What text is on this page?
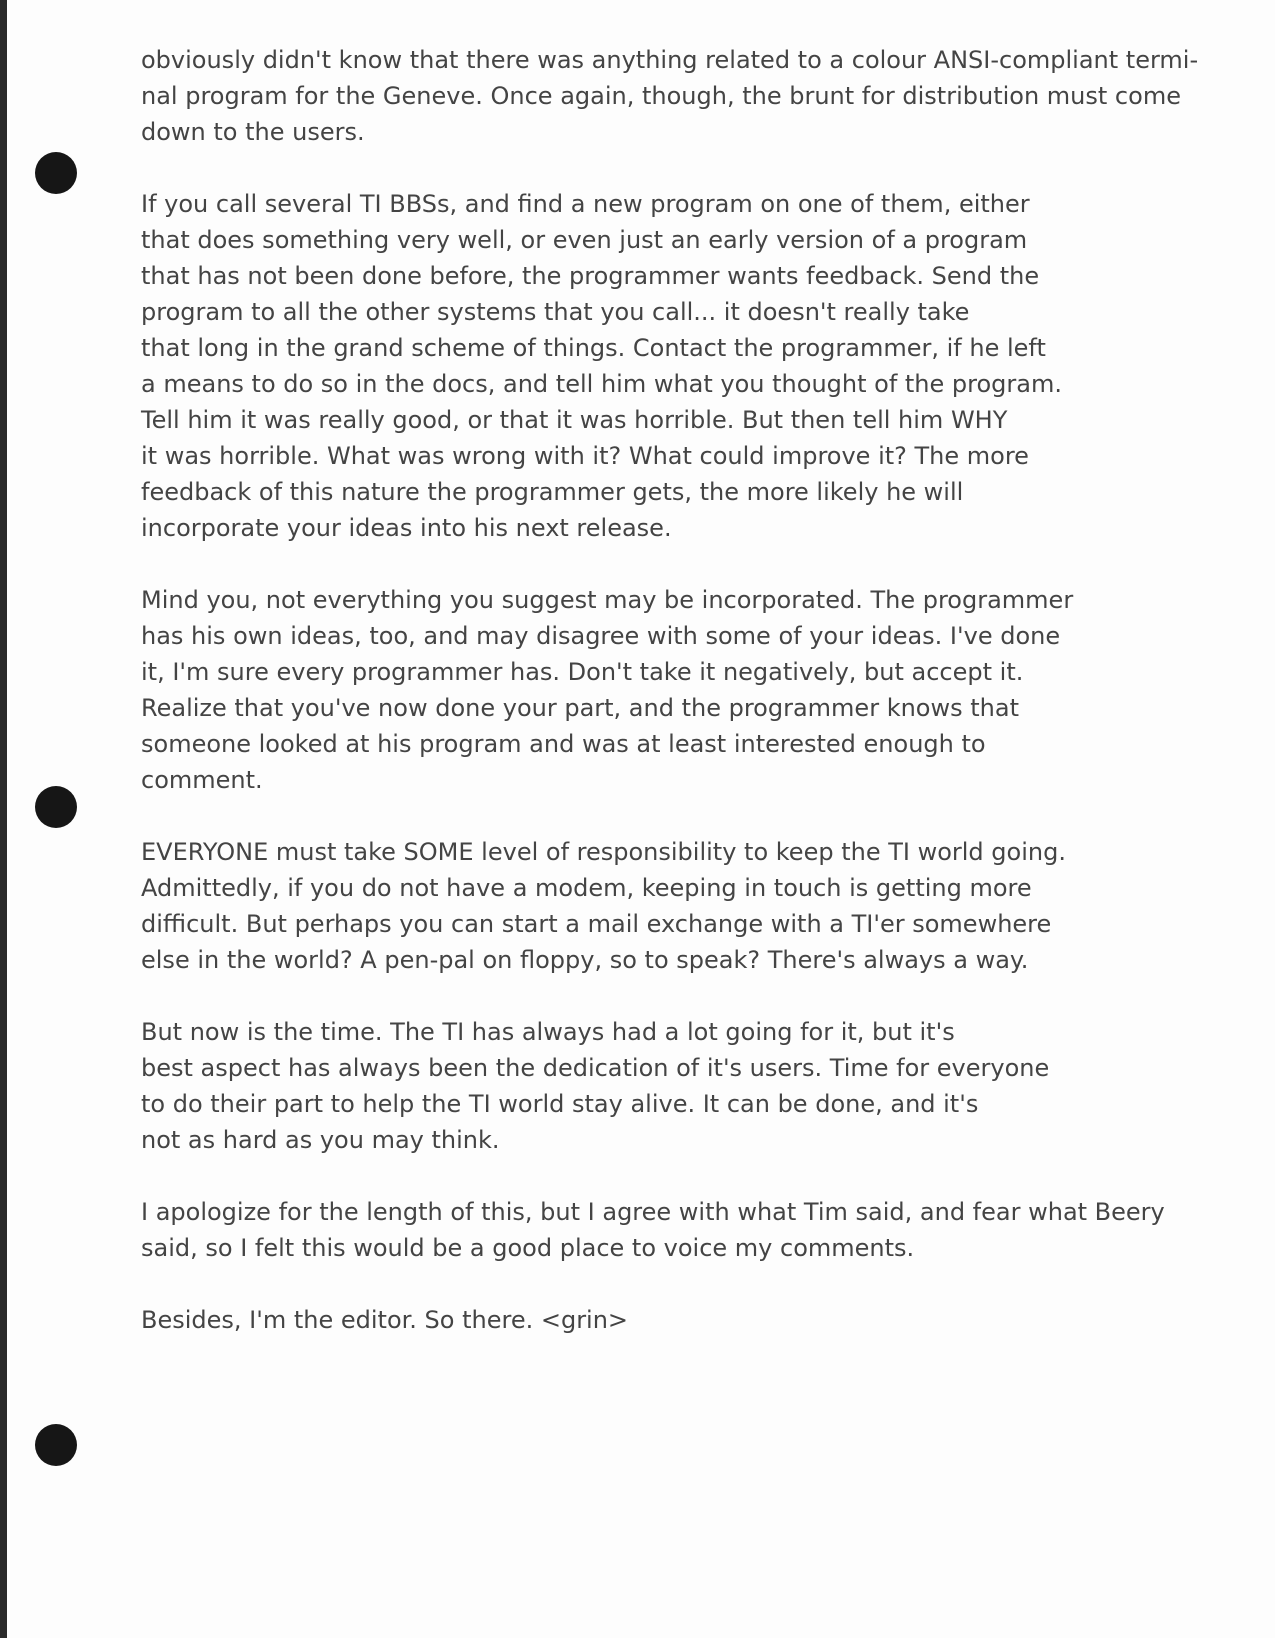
obviously didn't know that there was anything related to a colour ANSI-compliant termi-
nal program for the Geneve. Once again, though, the brunt for distribution must come
down to the users.

If you call several TI BBSs, and find a new program on one of them, either
that does something very well, or even just an early version of a program
that has not been done before, the programmer wants feedback. Send the
program to all the other systems that you call... it doesn't really take
that long in the grand scheme of things. Contact the programmer, if he left
a means to do so in the docs, and tell him what you thought of the program.
Tell him it was really good, or that it was horrible. But then tell him WHY
it was horrible. What was wrong with it? What could improve it? The more
feedback of this nature the programmer gets, the more likely he will
incorporate your ideas into his next release.

Mind you, not everything you suggest may be incorporated. The programmer
has his own ideas, too, and may disagree with some of your ideas. I've done
it, I'm sure every programmer has. Don't take it negatively, but accept it.
Realize that you've now done your part, and the programmer knows that
someone looked at his program and was at least interested enough to
comment.

EVERYONE must take SOME level of responsibility to keep the TI world going.
Admittedly, if you do not have a modem, keeping in touch is getting more
difficult. But perhaps you can start a mail exchange with a TI'er somewhere
else in the world? A pen-pal on floppy, so to speak? There's always a way.

But now is the time. The TI has always had a lot going for it, but it's
best aspect has always been the dedication of it's users. Time for everyone
to do their part to help the TI world stay alive. It can be done, and it's
not as hard as you may think.

I apologize for the length of this, but I agree with what Tim said, and fear what Beery
said, so I felt this would be a good place to voice my comments.

Besides, I'm the editor. So there. <grin>
